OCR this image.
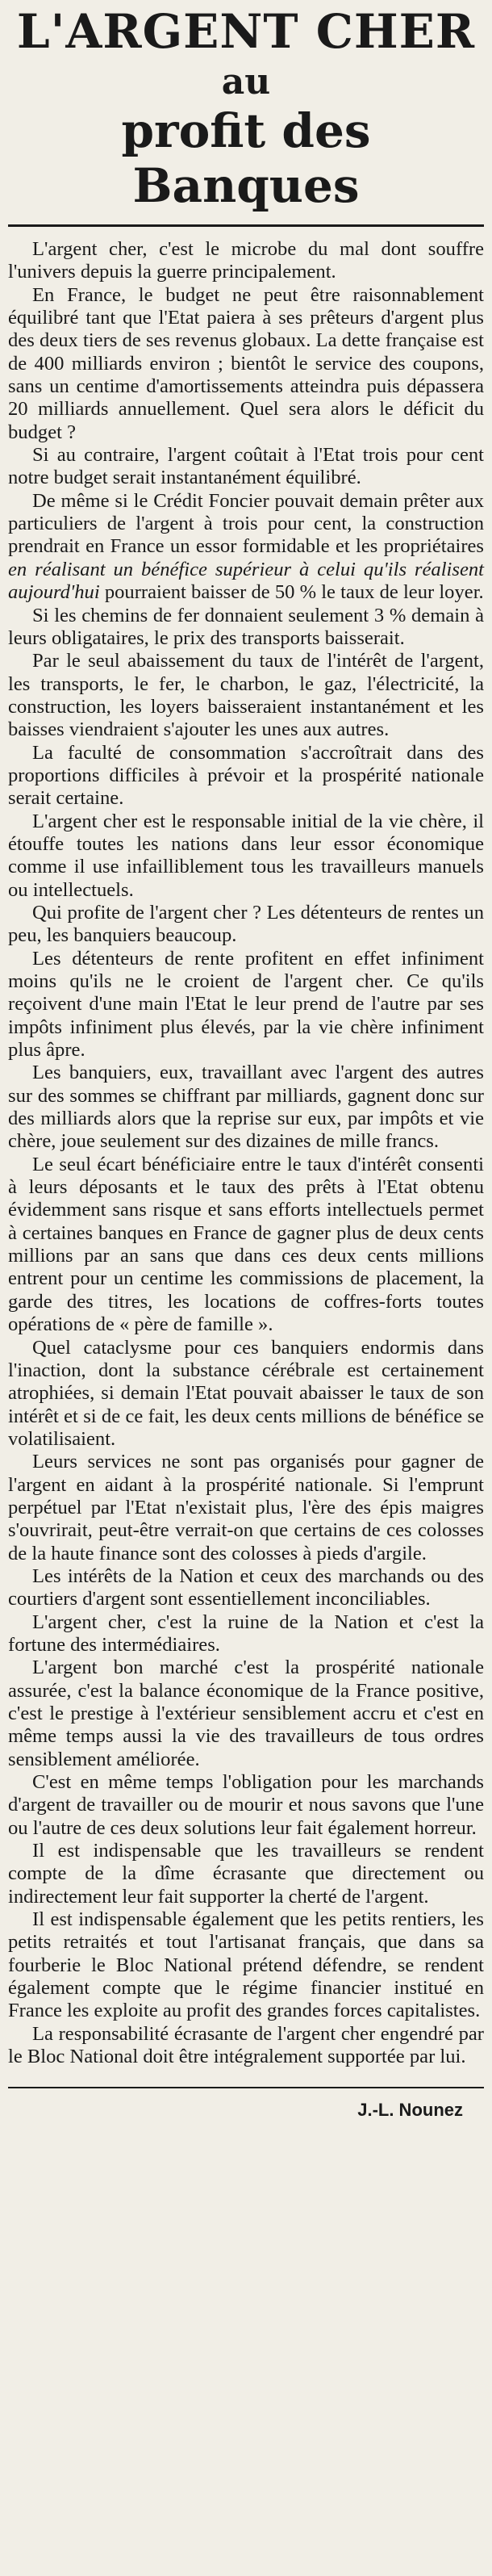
L'ARGENT CHER
au
profit des Banques

L'argent cher, c'est le microbe du mal dont souffre l'univers depuis la guerre principalement.

En France, le budget ne peut être raisonnablement équilibré tant que l'Etat paiera à ses prêteurs d'argent plus des deux tiers de ses revenus globaux. La dette française est de 400 milliards environ ; bientôt le service des coupons, sans un centime d'amortissements atteindra puis dépassera 20 milliards annuellement. Quel sera alors le déficit du budget ?

Si au contraire, l'argent coûtait à l'Etat trois pour cent notre budget serait instantanément équilibré.

De même si le Crédit Foncier pouvait demain prêter aux particuliers de l'argent à trois pour cent, la construction prendrait en France un essor formidable et les propriétaires en réalisant un bénéfice supérieur à celui qu'ils réalisent aujourd'hui pourraient baisser de 50 % le taux de leur loyer.

Si les chemins de fer donnaient seulement 3 % demain à leurs obligataires, le prix des transports baisserait.

Par le seul abaissement du taux de l'intérêt de l'argent, les transports, le fer, le charbon, le gaz, l'électricité, la construction, les loyers baisseraient instantanément et les baisses viendraient s'ajouter les unes aux autres.

La faculté de consommation s'accroîtrait dans des proportions difficiles à prévoir et la prospérité nationale serait certaine.

L'argent cher est le responsable initial de la vie chère, il étouffe toutes les nations dans leur essor économique comme il use infailliblement tous les travailleurs manuels ou intellectuels.

Qui profite de l'argent cher ? Les détenteurs de rentes un peu, les banquiers beaucoup.

Les détenteurs de rente profitent en effet infiniment moins qu'ils ne le croient de l'argent cher. Ce qu'ils reçoivent d'une main l'Etat le leur prend de l'autre par ses impôts infiniment plus élevés, par la vie chère infiniment plus âpre.

Les banquiers, eux, travaillant avec l'argent des autres sur des sommes se chiffrant par milliards, gagnent donc sur des milliards alors que la reprise sur eux, par impôts et vie chère, joue seulement sur des dizaines de mille francs.

Le seul écart bénéficiaire entre le taux d'intérêt consenti à leurs déposants et le taux des prêts à l'Etat obtenu évidemment sans risque et sans efforts intellectuels permet à certaines banques en France de gagner plus de deux cents millions par an sans que dans ces deux cents millions entrent pour un centime les commissions de placement, la garde des titres, les locations de coffres-forts toutes opérations de « père de famille ».

Quel cataclysme pour ces banquiers endormis dans l'inaction, dont la substance cérébrale est certainement atrophiées, si demain l'Etat pouvait abaisser le taux de son intérêt et si de ce fait, les deux cents millions de bénéfice se volatilisaient.

Leurs services ne sont pas organisés pour gagner de l'argent en aidant à la prospérité nationale. Si l'emprunt perpétuel par l'Etat n'existait plus, l'ère des épis maigres s'ouvrirait, peut-être verrait-on que certains de ces colosses de la haute finance sont des colosses à pieds d'argile.

Les intérêts de la Nation et ceux des marchands ou des courtiers d'argent sont essentiellement inconciliables.

L'argent cher, c'est la ruine de la Nation et c'est la fortune des intermédiaires.

L'argent bon marché c'est la prospérité nationale assurée, c'est la balance économique de la France positive, c'est le prestige à l'extérieur sensiblement accru et c'est en même temps aussi la vie des travailleurs de tous ordres sensiblement améliorée.

C'est en même temps l'obligation pour les marchands d'argent de travailler ou de mourir et nous savons que l'une ou l'autre de ces deux solutions leur fait également horreur.

Il est indispensable que les travailleurs se rendent compte de la dîme écrasante que directement ou indirectement leur fait supporter la cherté de l'argent.

Il est indispensable également que les petits rentiers, les petits retraités et tout l'artisanat français, que dans sa fourberie le Bloc National prétend défendre, se rendent également compte que le régime financier institué en France les exploite au profit des grandes forces capitalistes.

La responsabilité écrasante de l'argent cher engendré par le Bloc National doit être intégralement supportée par lui.

J.-L. Nounez
